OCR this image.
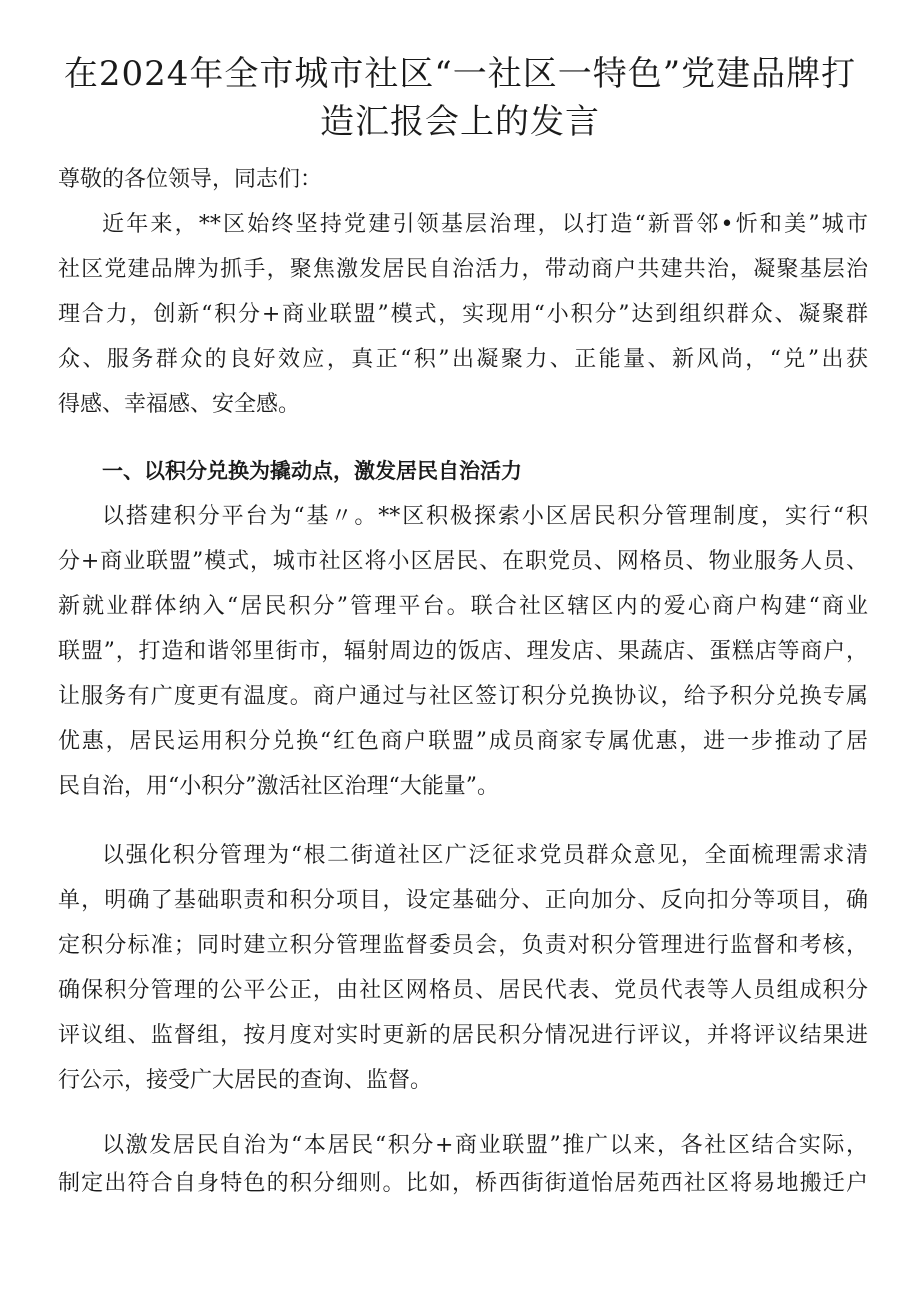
在2024年全市城市社区“一社区一特色”党建品牌打
造汇报会上的发言

尊敬的各位领导，同志们：

近年来，**区始终坚持党建引领基层治理，以打造“新晋邻•忻和美”城市
社区党建品牌为抓手，聚焦激发居民自治活力，带动商户共建共治，凝聚基层治
理合力，创新“积分+商业联盟”模式，实现用“小积分”达到组织群众、凝聚群
众、服务群众的良好效应，真正“积”出凝聚力、正能量、新风尚，“兑”出获
得感、幸福感、安全感。

一、以积分兑换为撬动点，激发居民自治活力

以搭建积分平台为“基〃。**区积极探索小区居民积分管理制度，实行“积
分+商业联盟”模式，城市社区将小区居民、在职党员、网格员、物业服务人员、
新就业群体纳入“居民积分”管理平台。联合社区辖区内的爱心商户构建“商业
联盟”，打造和谐邻里街市，辐射周边的饭店、理发店、果蔬店、蛋糕店等商户，
让服务有广度更有温度。商户通过与社区签订积分兑换协议，给予积分兑换专属
优惠，居民运用积分兑换“红色商户联盟”成员商家专属优惠，进一步推动了居
民自治，用“小积分”激活社区治理“大能量”。

以强化积分管理为“根二街道社区广泛征求党员群众意见，全面梳理需求清
单，明确了基础职责和积分项目，设定基础分、正向加分、反向扣分等项目，确
定积分标准；同时建立积分管理监督委员会，负责对积分管理进行监督和考核，
确保积分管理的公平公正，由社区网格员、居民代表、党员代表等人员组成积分
评议组、监督组，按月度对实时更新的居民积分情况进行评议，并将评议结果进
行公示，接受广大居民的查询、监督。

以激发居民自治为“本居民“积分+商业联盟”推广以来，各社区结合实际，
制定出符合自身特色的积分细则。比如，桥西街街道怡居苑西社区将易地搬迁户
